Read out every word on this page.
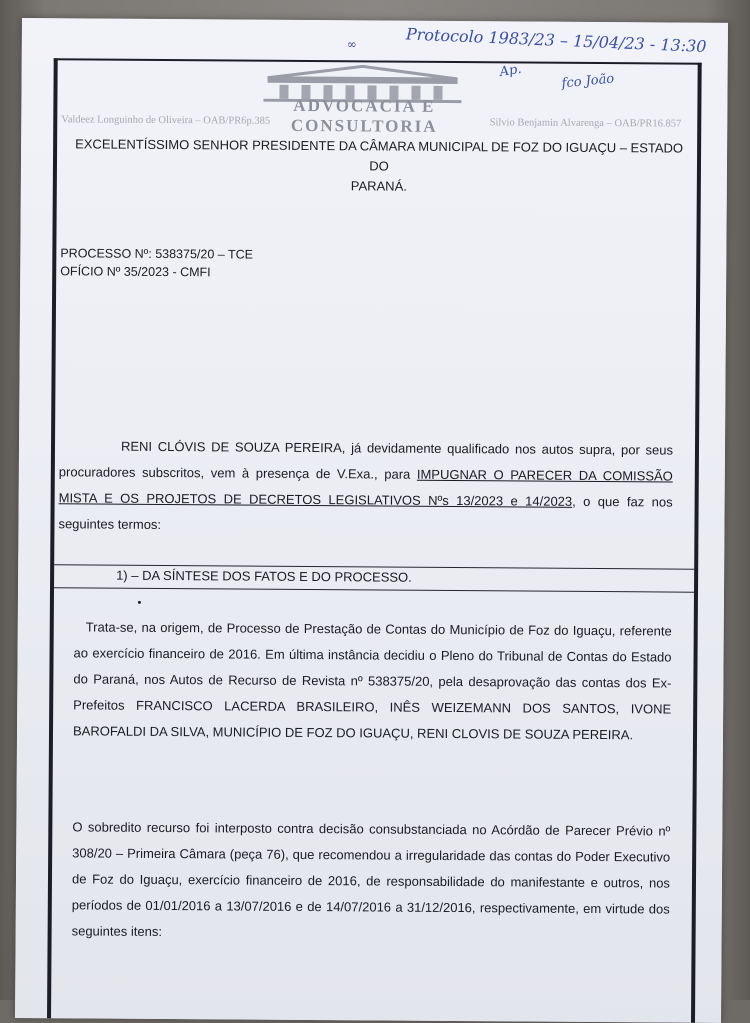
ADVOCACIA E CONSULTORIA
Valdeez Longuinho de Oliveira – OAB/PR6p.385	Silvio Benjamin Alvarenga – OAB/PR16.857
∞	Protocolo 1983/23 – 15/04/23 - 13:30
Ap.
fco João
EXCELENTÍSSIMO SENHOR PRESIDENTE DA CÂMARA MUNICIPAL DE FOZ DO IGUAÇU – ESTADO DO
PARANÁ.
PROCESSO Nº: 538375/20 – TCE
OFÍCIO Nº 35/2023 - CMFI
RENI CLÓVIS DE SOUZA PEREIRA, já devidamente qualificado nos autos supra, por seus procuradores subscritos, vem à presença de V.Exa., para IMPUGNAR O PARECER DA COMISSÃO MISTA E OS PROJETOS DE DECRETOS LEGISLATIVOS Nºs 13/2023 e 14/2023, o que faz nos seguintes termos:
1) – DA SÍNTESE DOS FATOS E DO PROCESSO.
Trata-se, na origem, de Processo de Prestação de Contas do Município de Foz do Iguaçu, referente ao exercício financeiro de 2016. Em última instância decidiu o Pleno do Tribunal de Contas do Estado do Paraná, nos Autos de Recurso de Revista nº 538375/20, pela desaprovação das contas dos Ex-Prefeitos FRANCISCO LACERDA BRASILEIRO, INÊS WEIZEMANN DOS SANTOS, IVONE BAROFALDI DA SILVA, MUNICÍPIO DE FOZ DO IGUAÇU, RENI CLOVIS DE SOUZA PEREIRA.
O sobredito recurso foi interposto contra decisão consubstanciada no Acórdão de Parecer Prévio nº 308/20 – Primeira Câmara (peça 76), que recomendou a irregularidade das contas do Poder Executivo de Foz do Iguaçu, exercício financeiro de 2016, de responsabilidade do manifestante e outros, nos períodos de 01/01/2016 a 13/07/2016 e de 14/07/2016 a 31/12/2016, respectivamente, em virtude dos seguintes itens:
